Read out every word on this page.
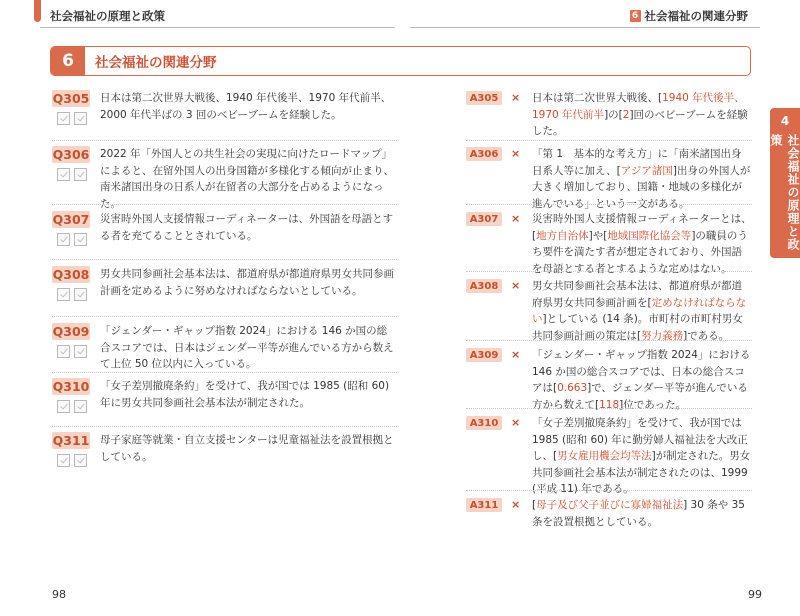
社会福祉の原理と政策	6 社会福祉の関連分野
6	社会福祉の関連分野
4
社会福祉の原理と政策
Q305 日本は第二次世界大戦後、1940 年代後半、1970 年代前半、2000 年代半ばの 3 回のベビーブームを経験した。
Q306 2022 年「外国人との共生社会の実現に向けたロードマップ」によると、在留外国人の出身国籍が多様化する傾向が止まり、南米諸国出身の日系人が在留者の大部分を占めるようになった。
Q307 災害時外国人支援情報コーディネーターは、外国語を母語とする者を充てることとされている。
Q308 男女共同参画社会基本法は、都道府県が都道府県男女共同参画計画を定めるように努めなければならないとしている。
Q309 「ジェンダー・ギャップ指数 2024」における 146 か国の総合スコアでは、日本はジェンダー平等が進んでいる方から数えて上位 50 位以内に入っている。
Q310 「女子差別撤廃条約」を受けて、我が国では 1985 (昭和 60) 年に男女共同参画社会基本法が制定された。
Q311 母子家庭等就業・自立支援センターは児童福祉法を設置根拠としている。
A305	× 日本は第二次世界大戦後、[1940 年代後半、1970 年代前半]の[2]回のベビーブームを経験した。
A306	× 「第 1　基本的な考え方」に「南米諸国出身日系人等に加え、[アジア諸国]出身の外国人が大きく増加しており、国籍・地域の多様化が進んでいる」という一文がある。
A307	× 災害時外国人支援情報コーディネーターとは、[地方自治体]や[地域国際化協会等]の職員のうち要件を満たす者が想定されており、外国語を母語とする者とするような定めはない。
A308	× 男女共同参画社会基本法は、都道府県が都道府県男女共同参画計画を[定めなければならない]としている (14 条)。市町村の市町村男女共同参画計画の策定は[努力義務]である。
A309	× 「ジェンダー・ギャップ指数 2024」における 146 か国の総合スコアでは、日本の総合スコアは[0.663]で、ジェンダー平等が進んでいる方から数えて[118]位であった。
A310	× 「女子差別撤廃条約」を受けて、我が国では 1985 (昭和 60) 年に勤労婦人福祉法を大改正し、[男女雇用機会均等法]が制定された。男女共同参画社会基本法が制定されたのは、1999 (平成 11) 年である。
A311	× [母子及び父子並びに寡婦福祉法] 30 条や 35 条を設置根拠としている。
98	99
